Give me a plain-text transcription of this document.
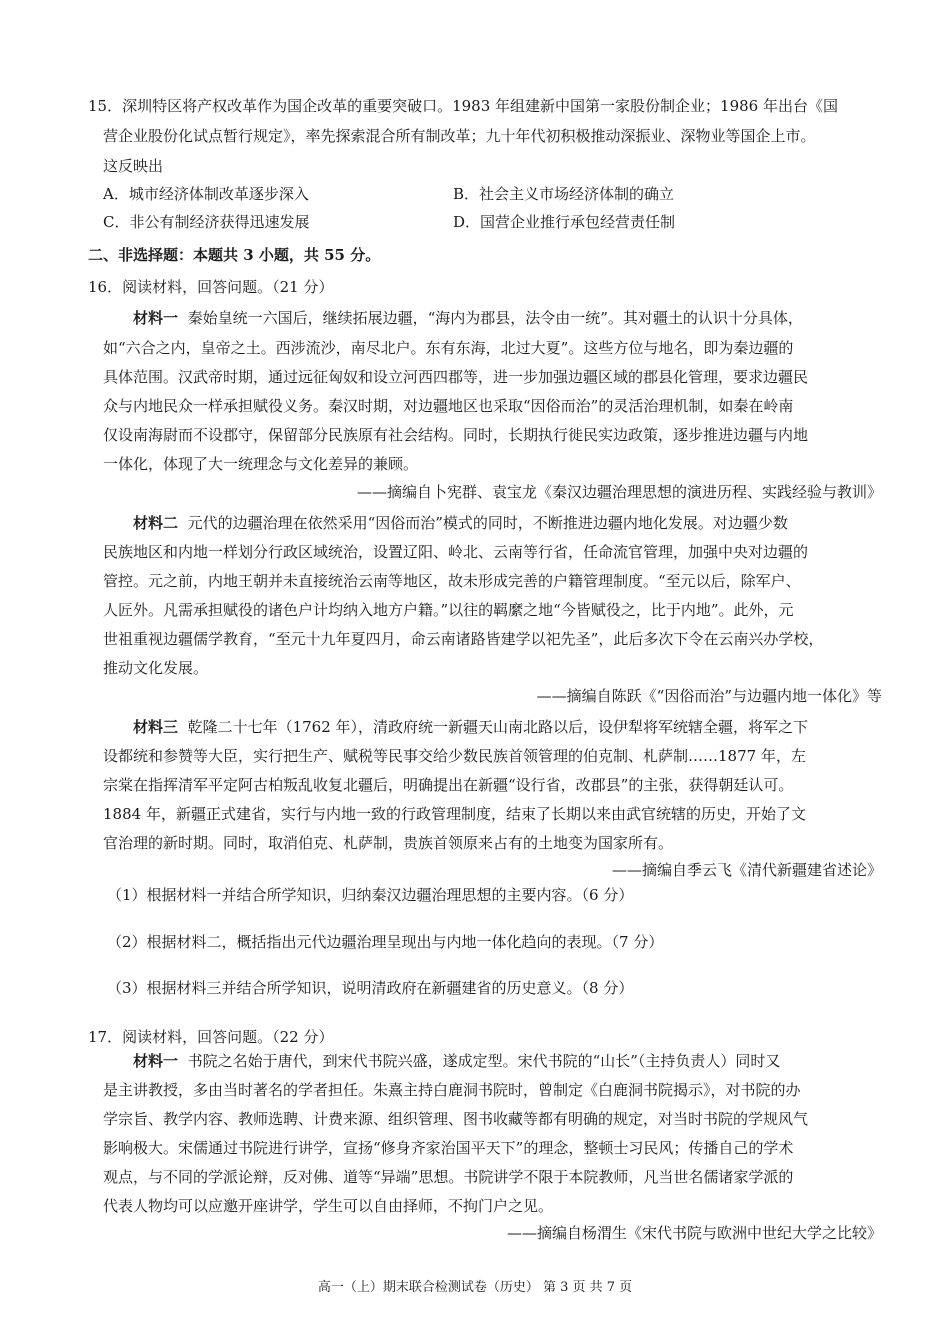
15．深圳特区将产权改革作为国企改革的重要突破口。1983 年组建新中国第一家股份制企业；1986 年出台《国
营企业股份化试点暂行规定》，率先探索混合所有制改革；九十年代初积极推动深振业、深物业等国企上市。
这反映出
A．城市经济体制改革逐步深入	B．社会主义市场经济体制的确立
C．非公有制经济获得迅速发展	D．国营企业推行承包经营责任制
二、非选择题：本题共 3 小题，共 55 分。
16．阅读材料，回答问题。（21 分）
材料一 秦始皇统一六国后，继续拓展边疆，“海内为郡县，法令由一统”。其对疆土的认识十分具体，
如“六合之内，皇帝之土。西涉流沙，南尽北户。东有东海，北过大夏”。这些方位与地名，即为秦边疆的
具体范围。汉武帝时期，通过远征匈奴和设立河西四郡等，进一步加强边疆区域的郡县化管理，要求边疆民
众与内地民众一样承担赋役义务。秦汉时期，对边疆地区也采取“因俗而治”的灵活治理机制，如秦在岭南
仅设南海尉而不设郡守，保留部分民族原有社会结构。同时，长期执行徙民实边政策，逐步推进边疆与内地
一体化，体现了大一统理念与文化差异的兼顾。
——摘编自卜宪群、袁宝龙《秦汉边疆治理思想的演进历程、实践经验与教训》
材料二 元代的边疆治理在依然采用“因俗而治”模式的同时，不断推进边疆内地化发展。对边疆少数
民族地区和内地一样划分行政区域统治，设置辽阳、岭北、云南等行省，任命流官管理，加强中央对边疆的
管控。元之前，内地王朝并未直接统治云南等地区，故未形成完善的户籍管理制度。“至元以后，除军户、
人匠外。凡需承担赋役的诸色户计均纳入地方户籍。”以往的羁縻之地“今皆赋役之，比于内地”。此外，元
世祖重视边疆儒学教育，“至元十九年夏四月，命云南诸路皆建学以祀先圣”，此后多次下令在云南兴办学校，
推动文化发展。
——摘编自陈跃《“因俗而治”与边疆内地一体化》等
材料三 乾隆二十七年（1762 年），清政府统一新疆天山南北路以后，设伊犁将军统辖全疆，将军之下
设都统和参赞等大臣，实行把生产、赋税等民事交给少数民族首领管理的伯克制、札萨制……1877 年，左
宗棠在指挥清军平定阿古柏叛乱收复北疆后，明确提出在新疆“设行省，改郡县”的主张，获得朝廷认可。
1884 年，新疆正式建省，实行与内地一致的行政管理制度，结束了长期以来由武官统辖的历史，开始了文
官治理的新时期。同时，取消伯克、札萨制，贵族首领原来占有的土地变为国家所有。
——摘编自季云飞《清代新疆建省述论》
（1）根据材料一并结合所学知识，归纳秦汉边疆治理思想的主要内容。（6 分）
（2）根据材料二，概括指出元代边疆治理呈现出与内地一体化趋向的表现。（7 分）
（3）根据材料三并结合所学知识，说明清政府在新疆建省的历史意义。（8 分）
17．阅读材料，回答问题。（22 分）
材料一 书院之名始于唐代，到宋代书院兴盛，遂成定型。宋代书院的“山长”（主持负责人）同时又
是主讲教授，多由当时著名的学者担任。朱熹主持白鹿洞书院时，曾制定《白鹿洞书院揭示》，对书院的办
学宗旨、教学内容、教师选聘、计费来源、组织管理、图书收藏等都有明确的规定，对当时书院的学规风气
影响极大。宋儒通过书院进行讲学，宣扬“修身齐家治国平天下”的理念，整顿士习民风；传播自己的学术
观点，与不同的学派论辩，反对佛、道等“异端”思想。书院讲学不限于本院教师，凡当世名儒诸家学派的
代表人物均可以应邀开座讲学，学生可以自由择师，不拘门户之见。
——摘编自杨渭生《宋代书院与欧洲中世纪大学之比较》
高一（上）期末联合检测试卷（历史） 第 3 页 共 7 页
